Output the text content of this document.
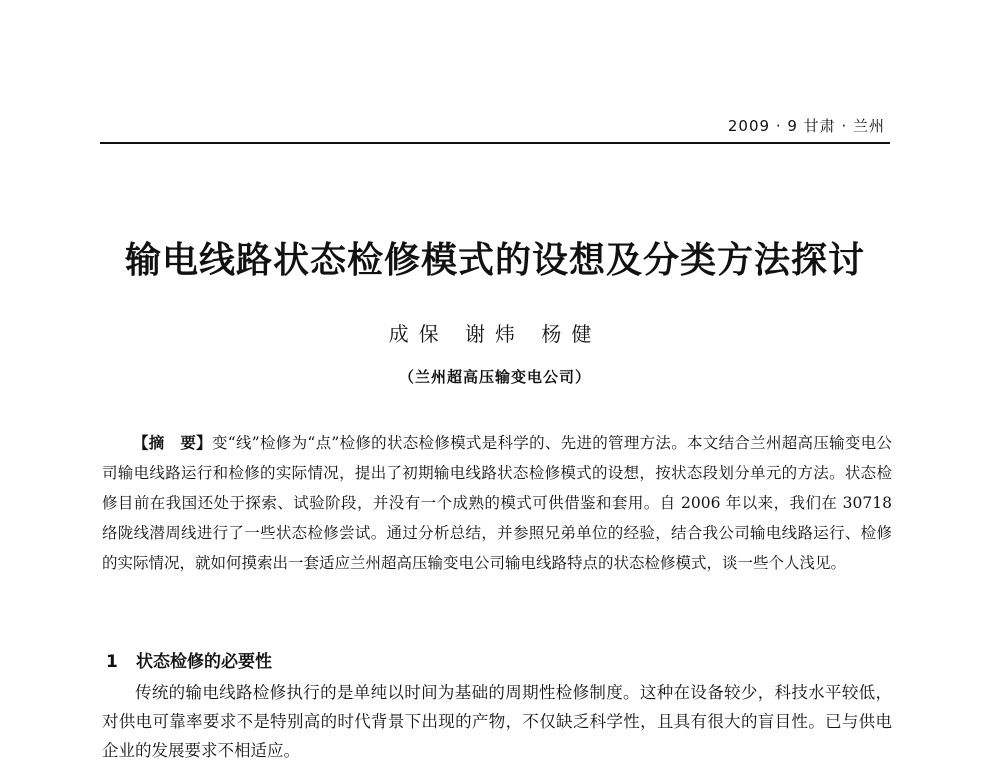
2009 · 9 甘肃 · 兰州
输电线路状态检修模式的设想及分类方法探讨
成保 谢炜 杨健
（兰州超高压输变电公司）

【摘　要】变“线”检修为“点”检修的状态检修模式是科学的、先进的管理方法。本文结合兰州超高压输变电公司输电线路运行和检修的实际情况，提出了初期输电线路状态检修模式的设想，按状态段划分单元的方法。状态检修目前在我国还处于探索、试验阶段，并没有一个成熟的模式可供借鉴和套用。自 2006 年以来，我们在 30718 络陇线潜周线进行了一些状态检修尝试。通过分析总结，并参照兄弟单位的经验，结合我公司输电线路运行、检修的实际情况，就如何摸索出一套适应兰州超高压输变电公司输电线路特点的状态检修模式，谈一些个人浅见。

1 状态检修的必要性

传统的输电线路检修执行的是单纯以时间为基础的周期性检修制度。这种在设备较少，科技水平较低，对供电可靠率要求不是特别高的时代背景下出现的产物，不仅缺乏科学性，且具有很大的盲目性。已与供电企业的发展要求不相适应。
